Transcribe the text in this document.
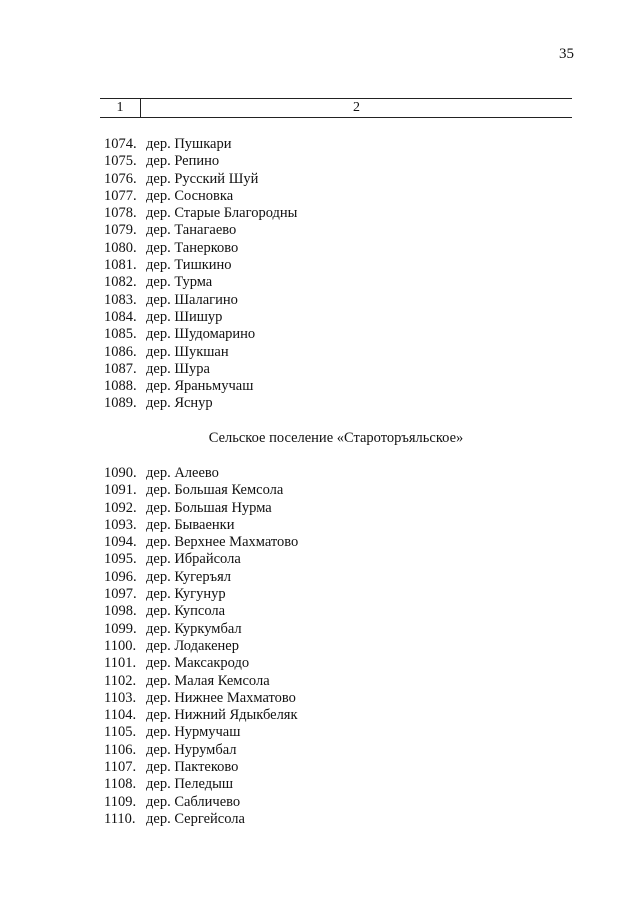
35
1	2
1074. дер. Пушкари
1075. дер. Репино
1076. дер. Русский Шуй
1077. дер. Сосновка
1078. дер. Старые Благородны
1079. дер. Танагаево
1080. дер. Танерково
1081. дер. Тишкино
1082. дер. Турма
1083. дер. Шалагино
1084. дер. Шишур
1085. дер. Шудомарино
1086. дер. Шукшан
1087. дер. Шура
1088. дер. Яраньмучаш
1089. дер. Яснур
Сельское поселение «Староторъяльское»
1090. дер. Алеево
1091. дер. Большая Кемсола
1092. дер. Большая Нурма
1093. дер. Бываенки
1094. дер. Верхнее Махматово
1095. дер. Ибрайсола
1096. дер. Кугеръял
1097. дер. Кугунур
1098. дер. Купсола
1099. дер. Куркумбал
1100. дер. Лодакенер
1101. дер. Максакродо
1102. дер. Малая Кемсола
1103. дер. Нижнее Махматово
1104. дер. Нижний Ядыкбеляк
1105. дер. Нурмучаш
1106. дер. Нурумбал
1107. дер. Пактеково
1108. дер. Пеледыш
1109. дер. Сабличево
1110. дер. Сергейсола
